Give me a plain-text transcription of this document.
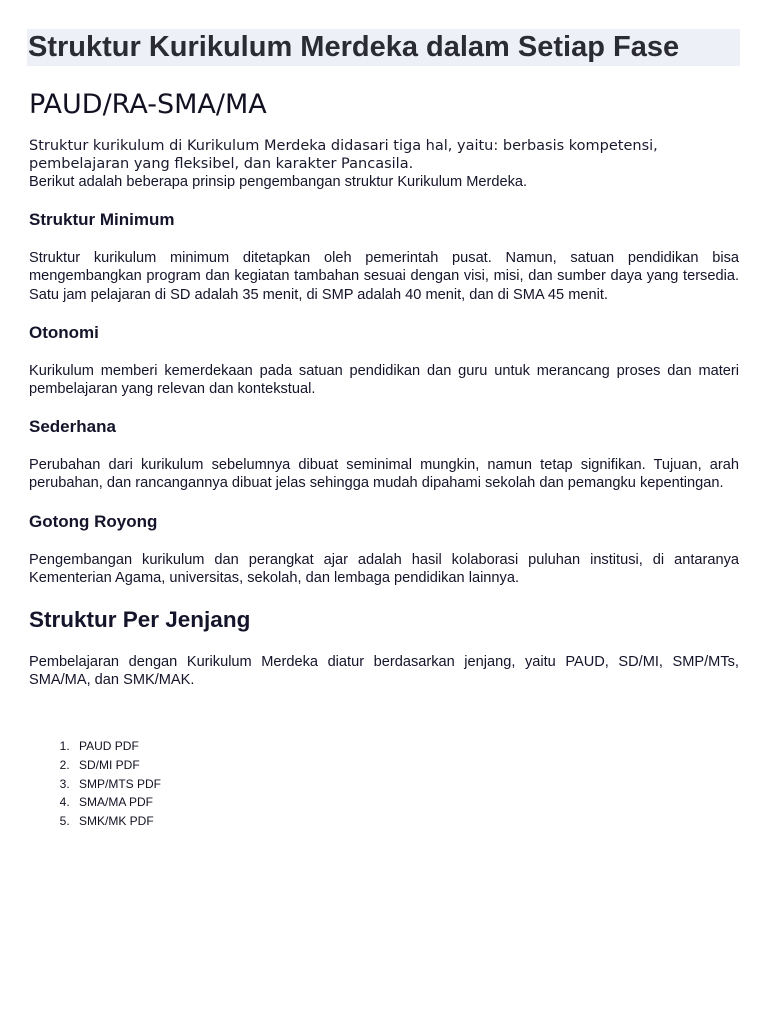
Struktur Kurikulum Merdeka dalam Setiap Fase
PAUD/RA-SMA/MA

Struktur kurikulum di Kurikulum Merdeka didasari tiga hal, yaitu: berbasis kompetensi, pembelajaran yang fleksibel, dan karakter Pancasila.

Berikut adalah beberapa prinsip pengembangan struktur Kurikulum Merdeka.

Struktur Minimum

Struktur kurikulum minimum ditetapkan oleh pemerintah pusat. Namun, satuan pendidikan bisa mengembangkan program dan kegiatan tambahan sesuai dengan visi, misi, dan sumber daya yang tersedia. Satu jam pelajaran di SD adalah 35 menit, di SMP adalah 40 menit, dan di SMA 45 menit.

Otonomi

Kurikulum memberi kemerdekaan pada satuan pendidikan dan guru untuk merancang proses dan materi pembelajaran yang relevan dan kontekstual.

Sederhana

Perubahan dari kurikulum sebelumnya dibuat seminimal mungkin, namun tetap signifikan. Tujuan, arah perubahan, dan rancangannya dibuat jelas sehingga mudah dipahami sekolah dan pemangku kepentingan.

Gotong Royong

Pengembangan kurikulum dan perangkat ajar adalah hasil kolaborasi puluhan institusi, di antaranya Kementerian Agama, universitas, sekolah, dan lembaga pendidikan lainnya.

Struktur Per Jenjang

Pembelajaran dengan Kurikulum Merdeka diatur berdasarkan jenjang, yaitu PAUD, SD/MI, SMP/MTs, SMA/MA, dan SMK/MAK.

1. PAUD PDF
2. SD/MI PDF
3. SMP/MTS PDF
4. SMA/MA PDF
5. SMK/MK PDF
